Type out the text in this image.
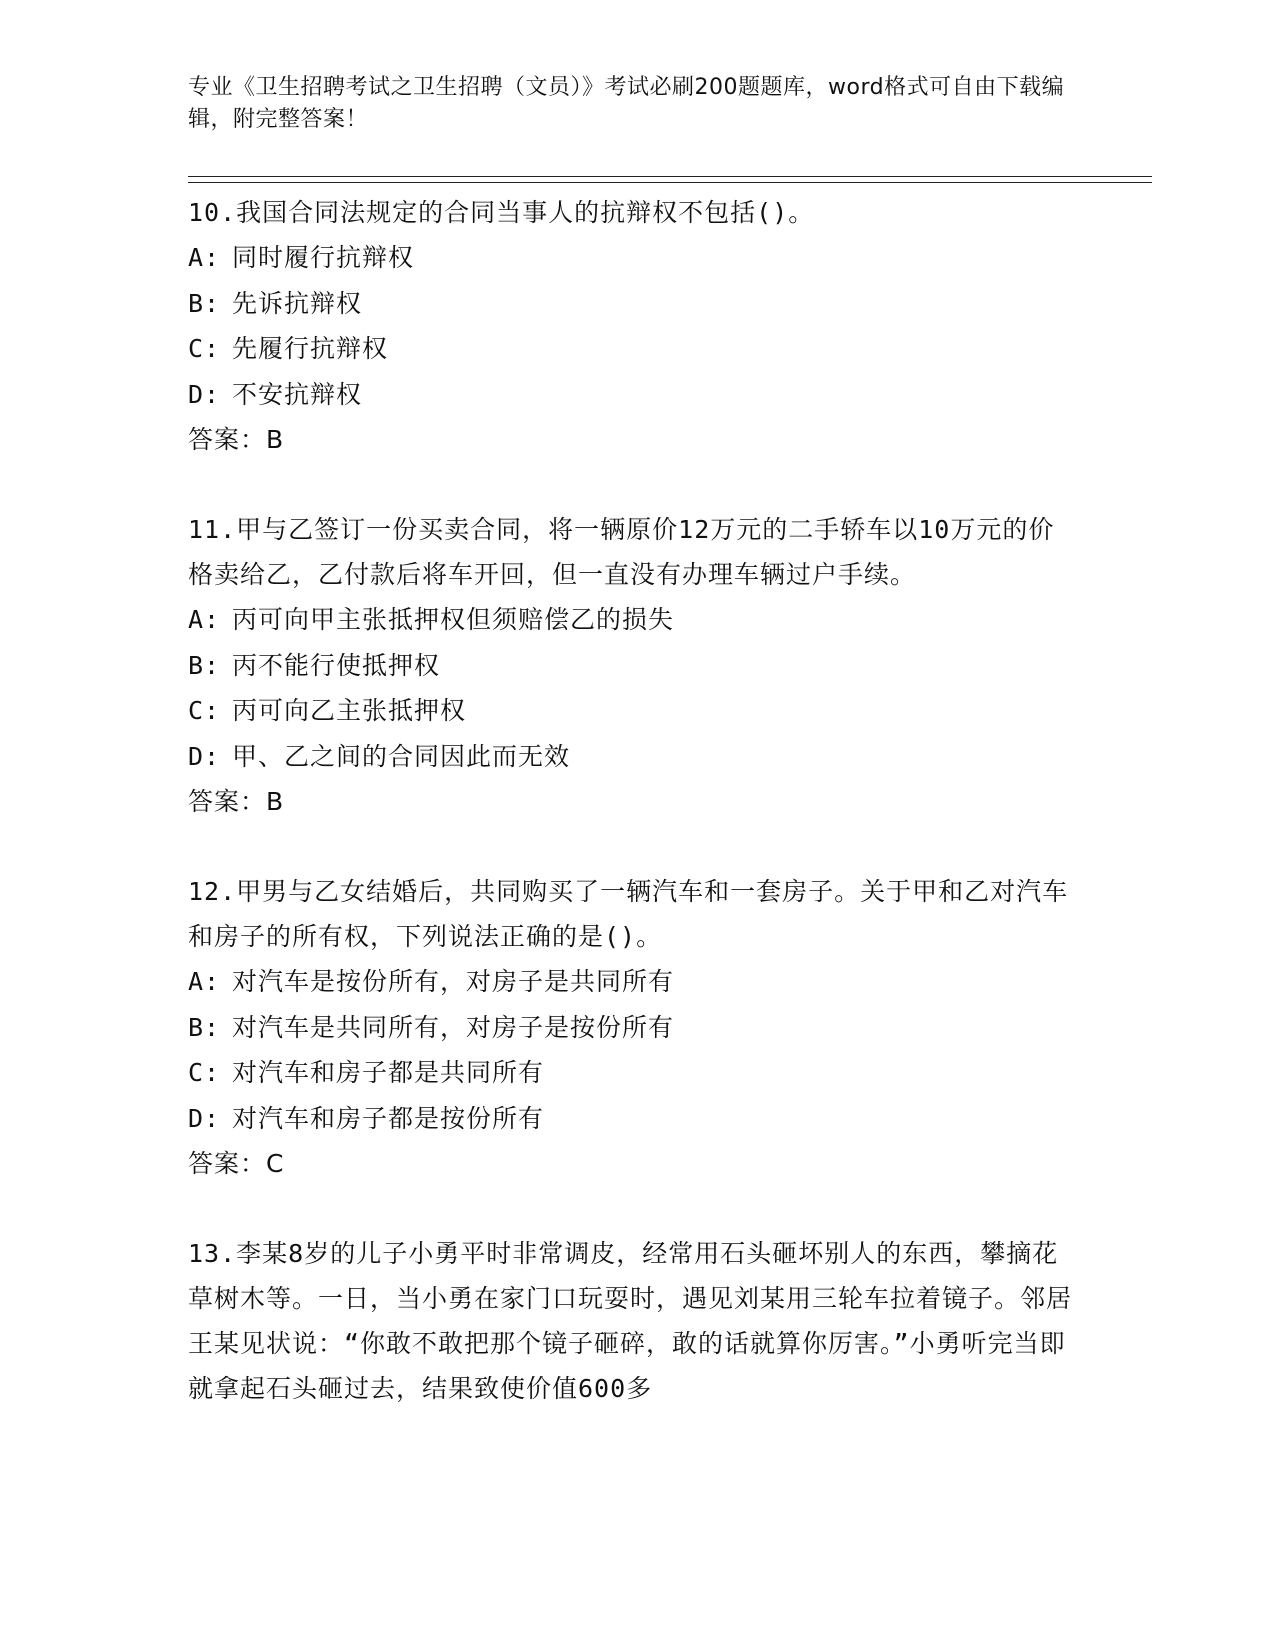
专业《卫生招聘考试之卫生招聘（文员）》考试必刷200题题库，word格式可自由下载编辑，附完整答案！
10.我国合同法规定的合同当事人的抗辩权不包括()。
A: 同时履行抗辩权
B: 先诉抗辩权
C: 先履行抗辩权
D: 不安抗辩权
答案：B
11.甲与乙签订一份买卖合同，将一辆原价12万元的二手轿车以10万元的价格卖给乙，乙付款后将车开回，但一直没有办理车辆过户手续。
A: 丙可向甲主张抵押权但须赔偿乙的损失
B: 丙不能行使抵押权
C: 丙可向乙主张抵押权
D: 甲、乙之间的合同因此而无效
答案：B
12.甲男与乙女结婚后，共同购买了一辆汽车和一套房子。关于甲和乙对汽车和房子的所有权，下列说法正确的是()。
A: 对汽车是按份所有，对房子是共同所有
B: 对汽车是共同所有，对房子是按份所有
C: 对汽车和房子都是共同所有
D: 对汽车和房子都是按份所有
答案：C
13.李某8岁的儿子小勇平时非常调皮，经常用石头砸坏别人的东西，攀摘花草树木等。一日，当小勇在家门口玩耍时，遇见刘某用三轮车拉着镜子。邻居王某见状说：“你敢不敢把那个镜子砸碎，敢的话就算你厉害。”小勇听完当即就拿起石头砸过去，结果致使价值600多
